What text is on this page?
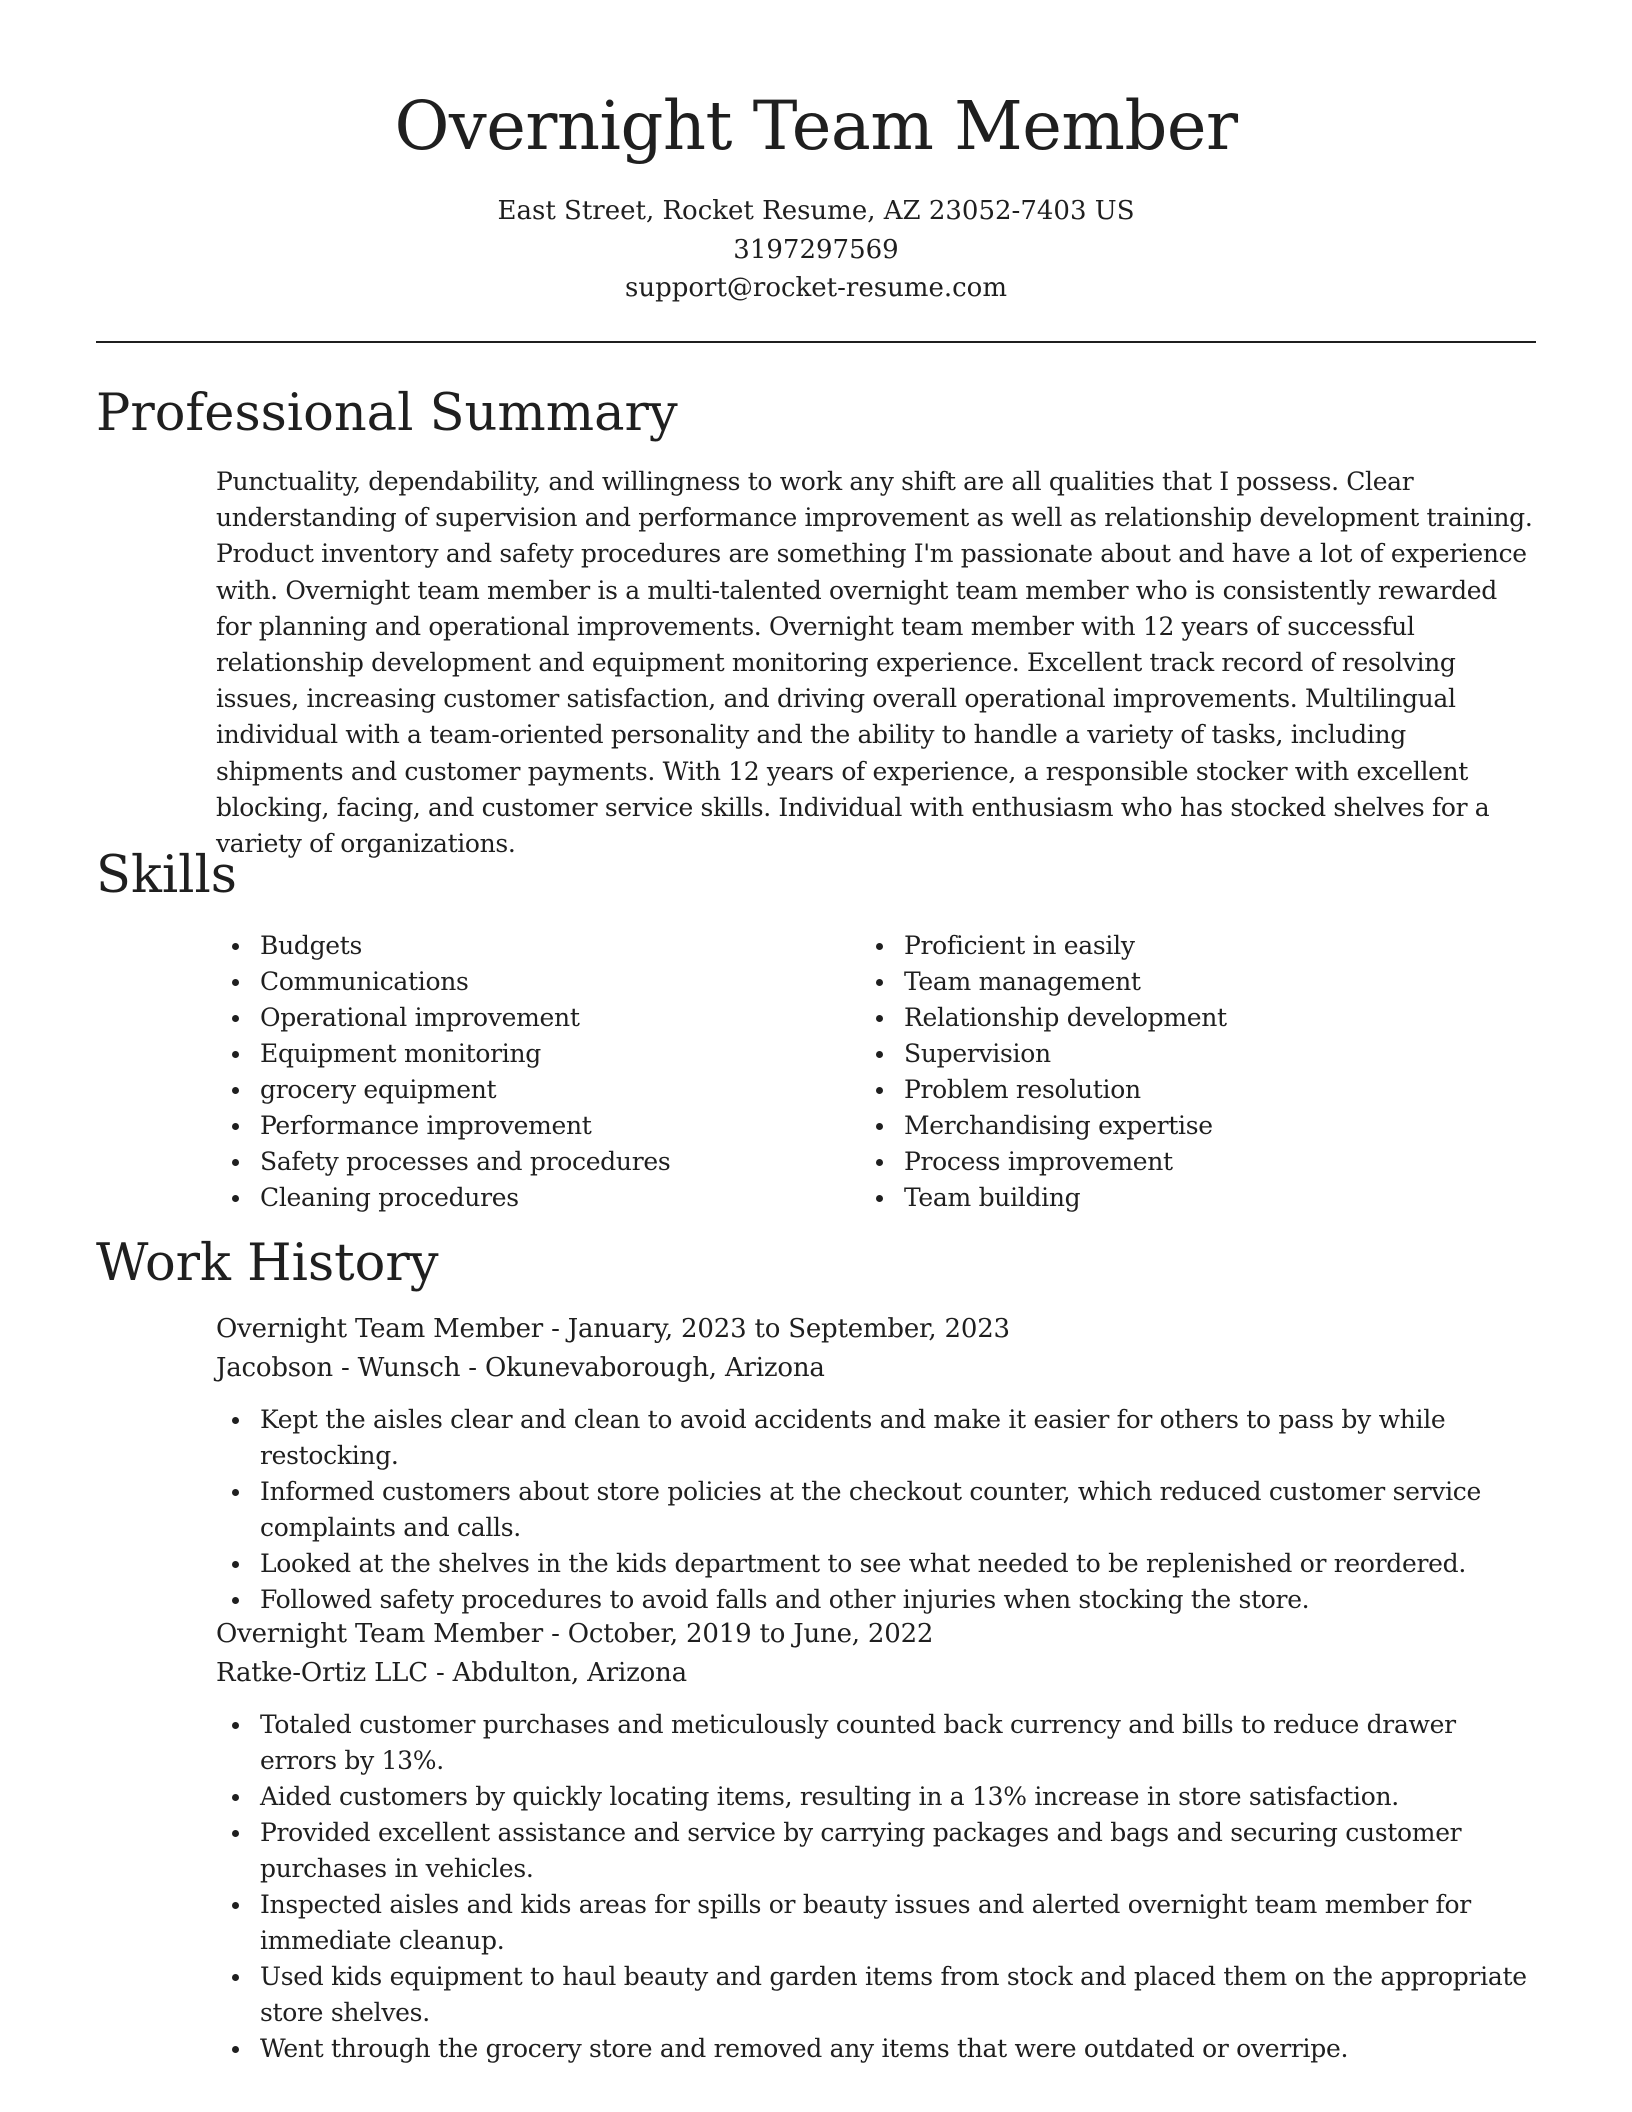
Overnight Team Member
East Street, Rocket Resume, AZ 23052-7403 US
3197297569
support@rocket-resume.com
Professional Summary

Punctuality, dependability, and willingness to work any shift are all qualities that I possess. Clear understanding of supervision and performance improvement as well as relationship development training. Product inventory and safety procedures are something I'm passionate about and have a lot of experience with. Overnight team member is a multi-talented overnight team member who is consistently rewarded for planning and operational improvements. Overnight team member with 12 years of successful relationship development and equipment monitoring experience. Excellent track record of resolving issues, increasing customer satisfaction, and driving overall operational improvements. Multilingual individual with a team-oriented personality and the ability to handle a variety of tasks, including shipments and customer payments. With 12 years of experience, a responsible stocker with excellent blocking, facing, and customer service skills. Individual with enthusiasm who has stocked shelves for a variety of organizations.

Skills
Budgets
Communications
Operational improvement
Equipment monitoring
grocery equipment
Performance improvement
Safety processes and procedures
Cleaning procedures
Proficient in easily
Team management
Relationship development
Supervision
Problem resolution
Merchandising expertise
Process improvement
Team building
Work History
Overnight Team Member - January, 2023 to September, 2023
Jacobson - Wunsch - Okunevaborough, Arizona
Kept the aisles clear and clean to avoid accidents and make it easier for others to pass by while restocking.
Informed customers about store policies at the checkout counter, which reduced customer service complaints and calls.
Looked at the shelves in the kids department to see what needed to be replenished or reordered.
Followed safety procedures to avoid falls and other injuries when stocking the store.
Overnight Team Member - October, 2019 to June, 2022
Ratke-Ortiz LLC - Abdulton, Arizona
Totaled customer purchases and meticulously counted back currency and bills to reduce drawer errors by 13%.
Aided customers by quickly locating items, resulting in a 13% increase in store satisfaction.
Provided excellent assistance and service by carrying packages and bags and securing customer purchases in vehicles.
Inspected aisles and kids areas for spills or beauty issues and alerted overnight team member for immediate cleanup.
Used kids equipment to haul beauty and garden items from stock and placed them on the appropriate store shelves.
Went through the grocery store and removed any items that were outdated or overripe.
